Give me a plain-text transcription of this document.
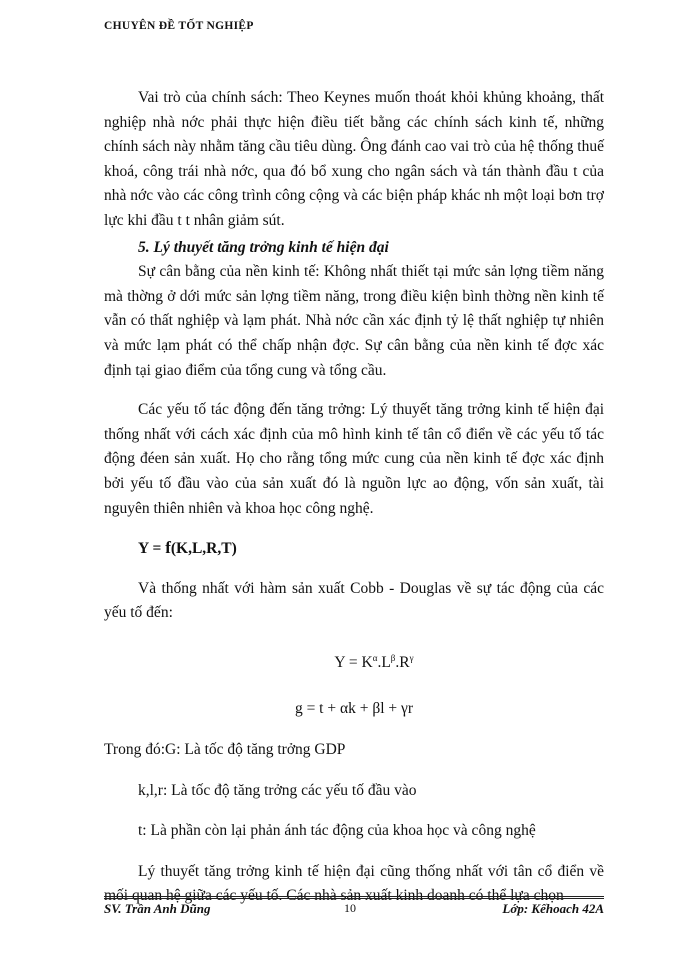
CHUYÊN ĐỀ TỐT NGHIỆP

Vai trò của chính sách: Theo Keynes muốn thoát khỏi khủng khoảng, thất nghiệp nhà nớc phải thực hiện điều tiết bằng các chính sách kinh tế, những chính sách này nhằm tăng cầu tiêu dùng. Ông đánh cao vai trò của hệ thống thuế khoá, công trái nhà nớc, qua đó bổ xung cho ngân sách và tán thành đầu t của nhà nớc vào các công trình công cộng và các biện pháp khác nh một loại bơn trợ lực khi đầu t t nhân giảm sút.

5. Lý thuyết tăng trởng kinh tế hiện đại

Sự cân bằng của nền kinh tế: Không nhất thiết tại mức sản lợng tiềm năng mà thờng ở dới mức sản lợng tiềm năng, trong điều kiện bình thờng nền kinh tế vẫn có thất nghiệp và lạm phát. Nhà nớc cần xác định tỷ lệ thất nghiệp tự nhiên và mức lạm phát có thể chấp nhận đợc. Sự cân bằng của nền kinh tế đợc xác định tại giao điểm của tổng cung và tổng cầu.

Các yếu tố tác động đến tăng trởng: Lý thuyết tăng trởng kinh tế hiện đại thống nhất với cách xác định của mô hình kinh tế tân cổ điển về các yếu tố tác động đéen sản xuất. Họ cho rằng tổng mức cung của nền kinh tế đợc xác định bởi yếu tố đầu vào của sản xuất đó là nguồn lực ao động, vốn sản xuất, tài nguyên thiên nhiên và khoa học công nghệ.

Y = f(K,L,R,T)

Và thống nhất với hàm sản xuất Cobb - Douglas về sự tác động của các yếu tố đến:

$Y = K^\alpha.L^\beta.R^\gamma$

g = t + αk + βl + γr

Trong đó:G: Là tốc độ tăng trởng GDP

k,l,r: Là tốc độ tăng trởng các yếu tố đầu vào

t: Là phần còn lại phản ánh tác động của khoa học và công nghệ

Lý thuyết tăng trởng kinh tế hiện đại cũng thống nhất với tân cổ điển về mối quan hệ giữa các yếu tố. Các nhà sản xuất kinh doanh có thể lựa chọn

SV. Trần Anh Dũng	10	Lớp: Kếhoach 42A
